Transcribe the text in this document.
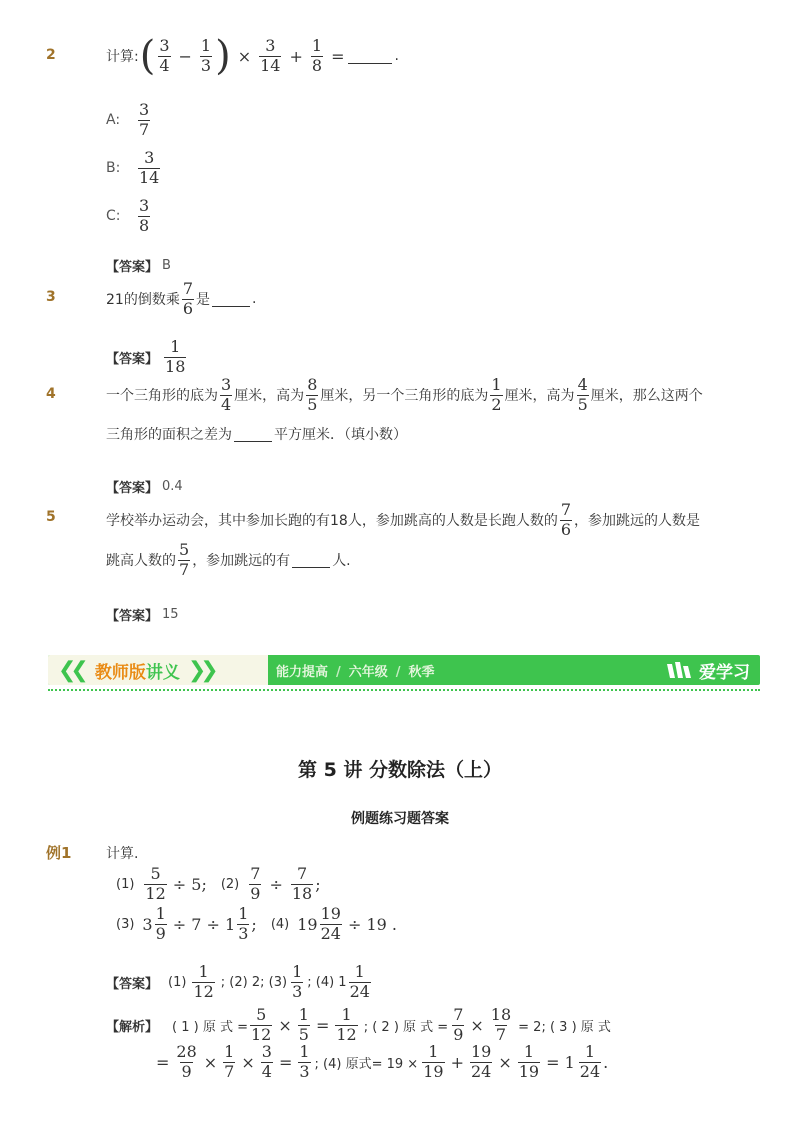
2	计算: ( $\frac{3}{4} - \frac{1}{3}$ ) × $\frac{3}{14} + \frac{1}{8}$ =	.
A:	$\frac{3}{7}$
B:	$\frac{3}{14}$
C:	$\frac{3}{8}$
【答案】 B
3	21的倒数乘 $\frac{7}{6}$ 是	.
【答案】 $\frac{1}{18}$
4	一个三角形的底为 $\frac{3}{4}$ 厘米，高为 $\frac{8}{5}$ 厘米，另一个三角形的底为 $\frac{1}{2}$ 厘米，高为 $\frac{4}{5}$ 厘米，那么这两个
三角形的面积之差为	平方厘米．（填小数）
【答案】 0.4
5	学校举办运动会，其中参加长跑的有18人，参加跳高的人数是长跑人数的 $\frac{7}{6}$ ，参加跳远的人数是
跳高人数的 $\frac{5}{7}$ ，参加跳远的有	人.
【答案】 15
❮❮ 教师版 讲义 ❯❯	能力提高 / 六年级 / 秋季	爱学习
第 5 讲 分数除法（上）
例题练习题答案
例1 计算.
$(1) \frac{5}{12} \div 5$; $(2) \frac{7}{9} \div \frac{7}{18}$ ;
(3) $3 \frac{1}{9} \div 7 \div 1 \frac{1}{3}$ ; (4) $19 \frac{19}{24} \div 19$ .
【答案】 $(1) \frac{1}{12}$ ; (2) 2; $(3) \frac{1}{3}$ ; (4) $1 \frac{1}{24}$
【解析】 ( 1 ) 原 式 = $\frac{5}{12} \times \frac{1}{5} = \frac{1}{12}$ ; ( 2 ) 原 式 = $\frac{7}{9} \times \frac{18}{7} = 2$; ( 3 ) 原 式
= $\frac{28}{9} \times \frac{1}{7} \times \frac{3}{4} = \frac{1}{3}$ ; (4) 原式= $19 \times \frac{1}{19} + \frac{19}{24} \times \frac{1}{19} = 1 \frac{1}{24}$ .
